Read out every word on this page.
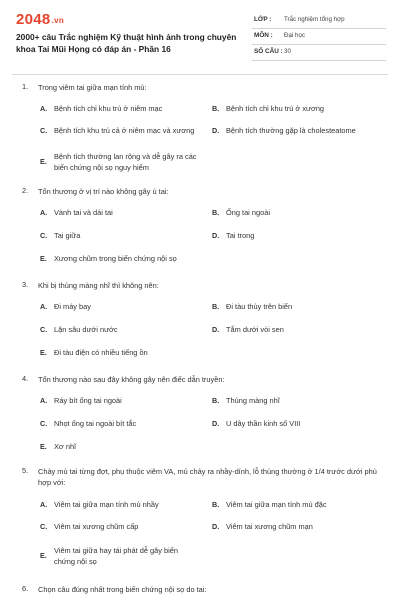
2048.vn
2000+ câu Trắc nghiệm Kỹ thuật hình ảnh trong chuyên khoa Tai Mũi Họng có đáp án - Phần 16
LỚP : Trắc nghiệm tổng hợp
MÔN : Đại học
SỐ CÂU : 30
1. Trong viêm tai giữa mạn tính mủ:
A. Bệnh tích chỉ khu trú ở niêm mạc	B. Bệnh tích chỉ khu trú ở xương
C. Bệnh tích khu trú cả ở niêm mạc và xương	D. Bệnh tích thường gặp là cholesteatome
E.
Bệnh tích thường lan rộng và dễ gây ra các biến chứng nội sọ nguy hiểm
2. Tổn thương ở vị trí nào không gây ù tai:
A. Vành tai và dái tai	B. Ống tai ngoài
C. Tai giữa	D. Tai trong
E. Xương chũm trong biến chứng nội sọ
3. Khi bị thủng màng nhĩ thì không nên:
A. Đi máy bay	B. Đi tàu thủy trên biển
C. Lặn sâu dưới nước	D. Tắm dưới vòi sen
E. Đi tàu điện có nhiều tiếng ồn
4. Tổn thương nào sau đây không gây nên điếc dẫn truyền:
A. Ráy bít ống tai ngoài	B. Thủng màng nhĩ
C. Nhọt ống tai ngoài bít tắc	D. U dây thần kinh số VIII
E. Xơ nhĩ
5. Chảy mủ tai từng đợt, phụ thuộc viêm VA, mủ chảy ra nhầy-dính, lỗ thủng thường ở 1/4 trước dưới phù hợp với:
A. Viêm tai giữa mạn tính mủ nhầy	B. Viêm tai giữa mạn tính mủ đặc
C. Viêm tai xương chũm cấp	D. Viêm tai xương chũm mạn
E.
Viêm tai giữa hay tái phát dễ gây biến chứng nội sọ
6. Chọn câu đúng nhất trong biến chứng nội sọ do tai:
